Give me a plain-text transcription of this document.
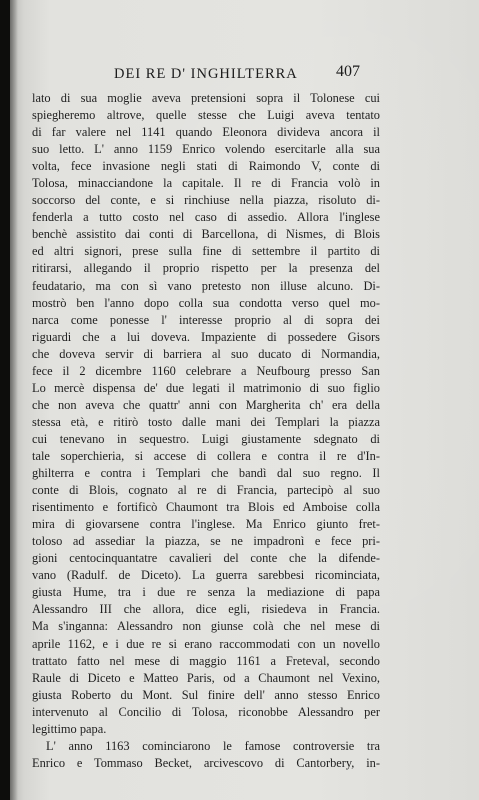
DEI RE D' INGHILTERRA 407
lato di sua moglie aveva pretensioni sopra il Tolonese cui
spiegheremo altrove, quelle stesse che Luigi aveva tentato
di far valere nel 1141 quando Eleonora divideva ancora il
suo letto. L' anno 1159 Enrico volendo esercitarle alla sua
volta, fece invasione negli stati di Raimondo V, conte di
Tolosa, minacciandone la capitale. Il re di Francia volò in
soccorso del conte, e si rinchiuse nella piazza, risoluto di-
fenderla a tutto costo nel caso di assedio. Allora l'inglese
benchè assistito dai conti di Barcellona, di Nismes, di Blois
ed altri signori, prese sulla fine di settembre il partito di
ritirarsi, allegando il proprio rispetto per la presenza del
feudatario, ma con sì vano pretesto non illuse alcuno. Di-
mostrò ben l'anno dopo colla sua condotta verso quel mo-
narca come ponesse l' interesse proprio al di sopra dei
riguardi che a lui doveva. Impaziente di possedere Gisors
che doveva servir di barriera al suo ducato di Normandia,
fece il 2 dicembre 1160 celebrare a Neufbourg presso San
Lo mercè dispensa de' due legati il matrimonio di suo figlio
che non aveva che quattr' anni con Margherita ch' era della
stessa età, e ritirò tosto dalle mani dei Templari la piazza
cui tenevano in sequestro. Luigi giustamente sdegnato di
tale soperchieria, si accese di collera e contra il re d'In-
ghilterra e contra i Templari che bandì dal suo regno. Il
conte di Blois, cognato al re di Francia, partecipò al suo
risentimento e fortificò Chaumont tra Blois ed Amboise colla
mira di giovarsene contra l'inglese. Ma Enrico giunto fret-
toloso ad assediar la piazza, se ne impadronì e fece pri-
gioni centocinquantatre cavalieri del conte che la difende-
vano (Radulf. de Diceto). La guerra sarebbesi ricominciata,
giusta Hume, tra i due re senza la mediazione di papa
Alessandro III che allora, dice egli, risiedeva in Francia.
Ma s'inganna: Alessandro non giunse colà che nel mese di
aprile 1162, e i due re si erano raccommodati con un novello
trattato fatto nel mese di maggio 1161 a Freteval, secondo
Raule di Diceto e Matteo Paris, od a Chaumont nel Vexino,
giusta Roberto du Mont. Sul finire dell' anno stesso Enrico
intervenuto al Concilio di Tolosa, riconobbe Alessandro per
legittimo papa.
L' anno 1163 cominciarono le famose controversie tra
Enrico e Tommaso Becket, arcivescovo di Cantorbery, in-
